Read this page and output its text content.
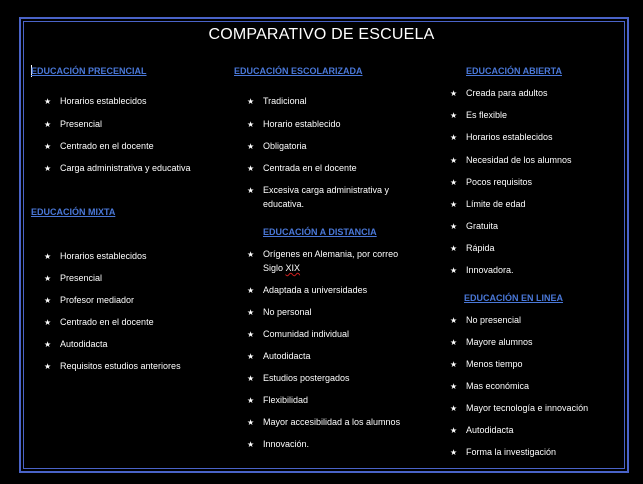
COMPARATIVO DE ESCUELA
EDUCACIÓN PRECENCIAL
★ Horarios establecidos
★ Presencial
★ Centrado en el docente
★ Carga administrativa y educativa
EDUCACIÓN MIXTA
★ Horarios establecidos
★ Presencial
★ Profesor mediador
★ Centrado en el docente
★ Autodidacta
★ Requisitos estudios anteriores
EDUCACIÓN ESCOLARIZADA
★ Tradicional
★ Horario establecido
★ Obligatoria
★ Centrada en el docente
★ Excesiva carga administrativa y
educativa.
EDUCACIÓN A DISTANCIA
★ Orígenes en Alemania, por correo
Siglo XIX
★ Adaptada a universidades
★ No personal
★ Comunidad individual
★ Autodidacta
★ Estudios postergados
★ Flexibilidad
★ Mayor accesibilidad a los alumnos
★ Innovación.
EDUCACIÓN ABIERTA
★ Creada para adultos
★ Es flexible
★ Horarios establecidos
★ Necesidad de los alumnos
★ Pocos requisitos
★ Límite de edad
★ Gratuita
★ Rápida
★ Innovadora.
EDUCACIÓN EN LINEA
★ No presencial
★ Mayore alumnos
★ Menos tiempo
★ Mas económica
★ Mayor tecnología e innovación
★ Autodidacta
★ Forma la investigación
